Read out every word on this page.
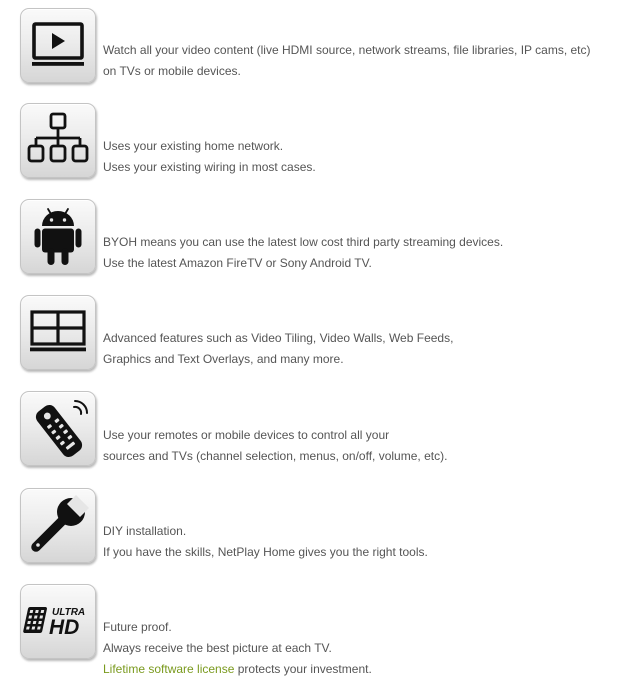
Watch all your video content (live HDMI source, network streams, file libraries, IP cams, etc)
on TVs or mobile devices.
Uses your existing home network.
Uses your existing wiring in most cases.
BYOH means you can use the latest low cost third party streaming devices.
Use the latest Amazon FireTV or Sony Android TV.
Advanced features such as Video Tiling, Video Walls, Web Feeds,
Graphics and Text Overlays, and many more.
Use your remotes or mobile devices to control all your
sources and TVs (channel selection, menus, on/off, volume, etc).
DIY installation.
If you have the skills, NetPlay Home gives you the right tools.
ULTRA
HD Future proof.
Always receive the best picture at each TV.
Lifetime software license protects your investment.
